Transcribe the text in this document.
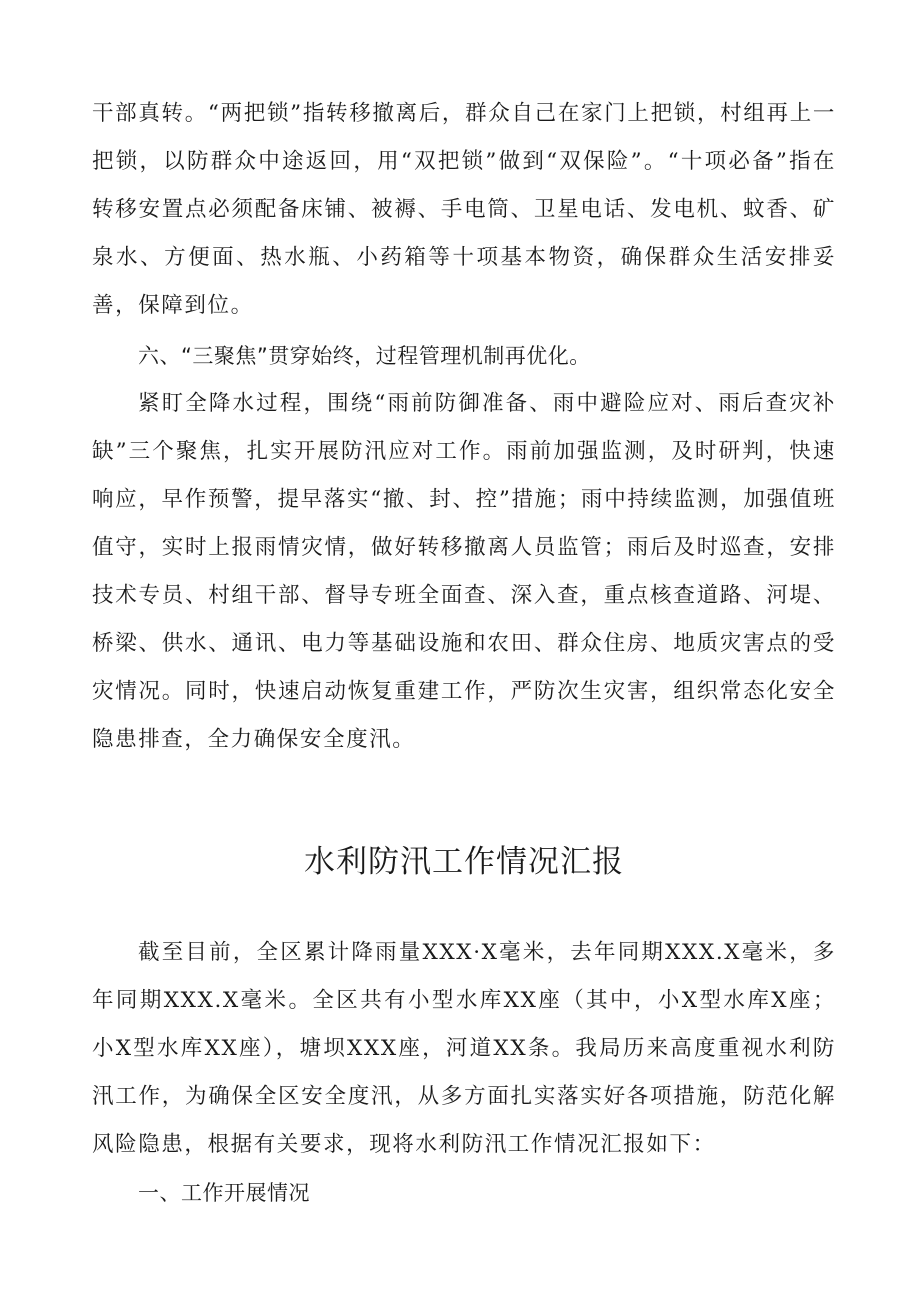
干部真转。“两把锁”指转移撤离后，群众自己在家门上把锁，村组再上一把锁，以防群众中途返回，用“双把锁”做到“双保险”。“十项必备”指在转移安置点必须配备床铺、被褥、手电筒、卫星电话、发电机、蚊香、矿泉水、方便面、热水瓶、小药箱等十项基本物资，确保群众生活安排妥善，保障到位。

六、“三聚焦”贯穿始终，过程管理机制再优化。

紧盯全降水过程，围绕“雨前防御准备、雨中避险应对、雨后查灾补缺”三个聚焦，扎实开展防汛应对工作。雨前加强监测，及时研判，快速响应，早作预警，提早落实“撤、封、控”措施；雨中持续监测，加强值班值守，实时上报雨情灾情，做好转移撤离人员监管；雨后及时巡查，安排技术专员、村组干部、督导专班全面查、深入查，重点核查道路、河堤、桥梁、供水、通讯、电力等基础设施和农田、群众住房、地质灾害点的受灾情况。同时，快速启动恢复重建工作，严防次生灾害，组织常态化安全隐患排查，全力确保安全度汛。

水利防汛工作情况汇报

截至目前，全区累计降雨量XXX·X毫米，去年同期XXX.X毫米，多年同期XXX.X毫米。全区共有小型水库XX座（其中，小X型水库X座；小X型水库XX座），塘坝XXX座，河道XX条。我局历来高度重视水利防汛工作，为确保全区安全度汛，从多方面扎实落实好各项措施，防范化解风险隐患，根据有关要求，现将水利防汛工作情况汇报如下：

一、工作开展情况
